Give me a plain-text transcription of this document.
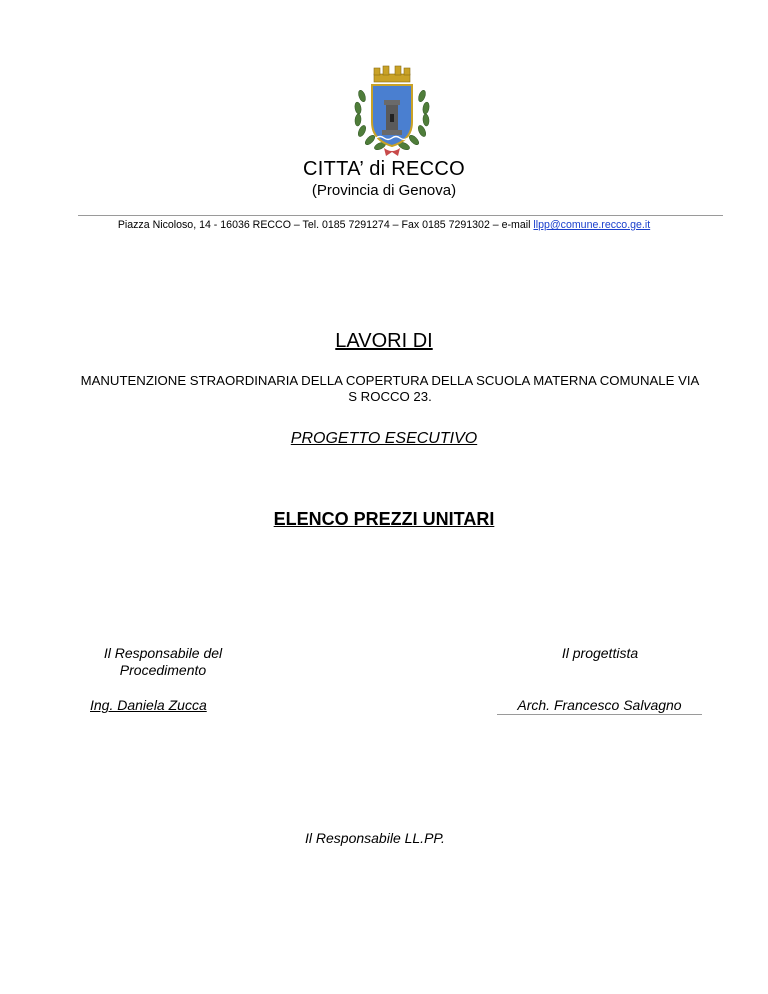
CITTA’ di RECCO
(Provincia di Genova)
Piazza Nicoloso, 14 - 16036 RECCO – Tel. 0185 7291274 – Fax 0185 7291302 – e-mail llpp@comune.recco.ge.it
LAVORI DI
MANUTENZIONE STRAORDINARIA DELLA COPERTURA DELLA SCUOLA MATERNA COMUNALE VIA S ROCCO 23.
PROGETTO ESECUTIVO
ELENCO PREZZI UNITARI
Il Responsabile del Procedimento
Ing. Daniela Zucca
Il progettista
Arch. Francesco Salvagno
Il Responsabile LL.PP.
